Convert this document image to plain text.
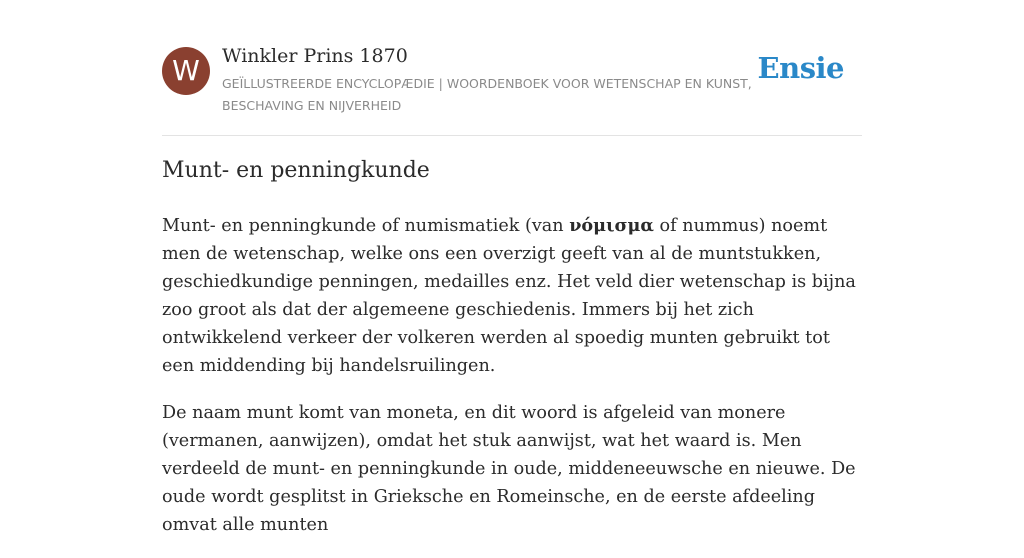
W	Winkler Prins 1870
GEÏLLUSTREERDE ENCYCLOPÆDIE | WOORDENBOEK VOOR WETENSCHAP EN KUNST, BESCHAVING EN NIJVERHEID
Ensie
Munt- en penningkunde

Munt- en penningkunde of numismatiek (van νόμισμα of nummus) noemt men de wetenschap, welke ons een overzigt geeft van al de muntstukken, geschiedkundige penningen, medailles enz. Het veld dier wetenschap is bijna zoo groot als dat der algemeene geschiedenis. Immers bij het zich ontwikkelend verkeer der volkeren werden al spoedig munten gebruikt tot een middending bij handelsruilingen.

De naam munt komt van moneta, en dit woord is afgeleid van monere (vermanen, aanwijzen), omdat het stuk aanwijst, wat het waard is. Men verdeeld de munt- en penningkunde in oude, middeneeuwsche en nieuwe. De oude wordt gesplitst in Grieksche en Romeinsche, en de eerste afdeeling omvat alle munten
